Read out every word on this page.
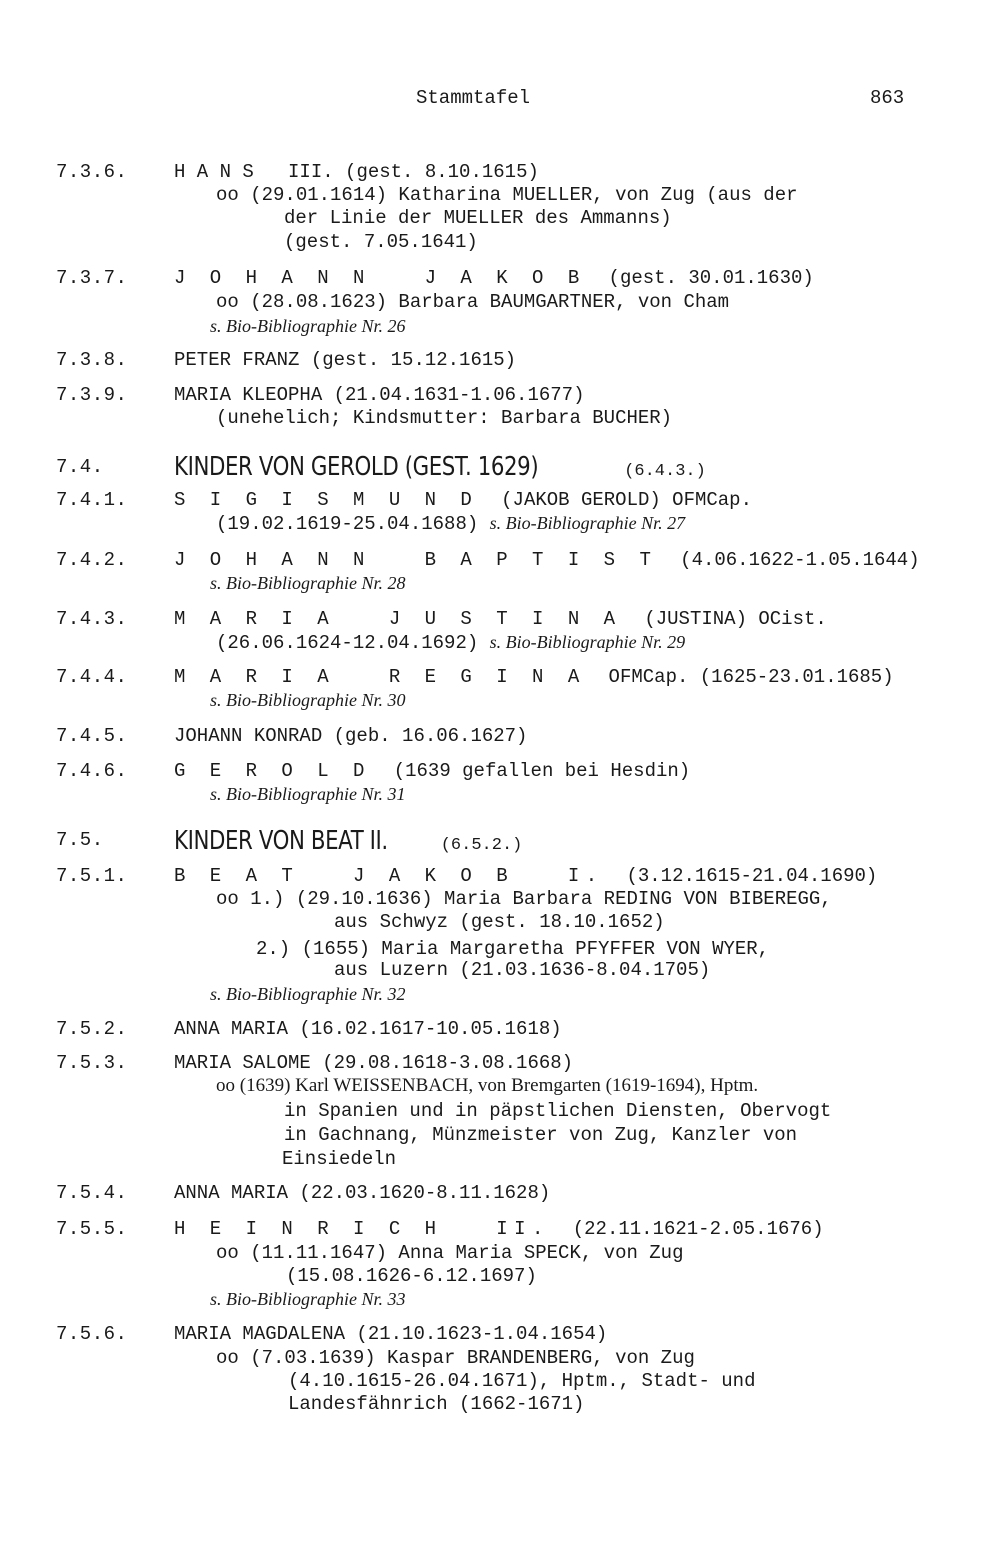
Stammtafel	863
7.3.6. H A N S   III. (gest. 8.10.1615)
oo (29.01.1614) Katharina MUELLER, von Zug (aus der
der Linie der MUELLER des Ammanns)
(gest. 7.05.1641)
7.3.7. J O H A N N   J A K O B  (gest. 30.01.1630)
oo (28.08.1623) Barbara BAUMGARTNER, von Cham
s. Bio-Bibliographie Nr. 26
7.3.8. PETER FRANZ (gest. 15.12.1615)
7.3.9. MARIA KLEOPHA (21.04.1631-1.06.1677)
(unehelich; Kindsmutter: Barbara BUCHER)
7.4.	KINDER VON GEROLD (GEST. 1629)	(6.4.3.)
7.4.1. S I G I S M U N D  (JAKOB GEROLD) OFMCap.
(19.02.1619-25.04.1688) s. Bio-Bibliographie Nr. 27
7.4.2. J O H A N N   B A P T I S T  (4.06.1622-1.05.1644)
s. Bio-Bibliographie Nr. 28
7.4.3. M A R I A   J U S T I N A  (JUSTINA) OCist.
(26.06.1624-12.04.1692) s. Bio-Bibliographie Nr. 29
7.4.4. M A R I A   R E G I N A  OFMCap. (1625-23.01.1685)
s. Bio-Bibliographie Nr. 30
7.4.5. JOHANN KONRAD (geb. 16.06.1627)
7.4.6. G E R O L D  (1639 gefallen bei Hesdin)
s. Bio-Bibliographie Nr. 31
7.5.	KINDER VON BEAT II.	(6.5.2.)
7.5.1. B E A T   J A K O B   I.  (3.12.1615-21.04.1690)
oo 1.) (29.10.1636) Maria Barbara REDING VON BIBEREGG,
aus Schwyz (gest. 18.10.1652)
2.) (1655) Maria Margaretha PFYFFER VON WYER,
aus Luzern (21.03.1636-8.04.1705)
s. Bio-Bibliographie Nr. 32
7.5.2. ANNA MARIA (16.02.1617-10.05.1618)
7.5.3. MARIA SALOME (29.08.1618-3.08.1668)
oo (1639) Karl WEISSENBACH, von Bremgarten (1619-1694), Hptm.
in Spanien und in päpstlichen Diensten, Obervogt
in Gachnang, Münzmeister von Zug, Kanzler von
Einsiedeln
7.5.4. ANNA MARIA (22.03.1620-8.11.1628)
7.5.5. H E I N R I C H   II.  (22.11.1621-2.05.1676)
oo (11.11.1647) Anna Maria SPECK, von Zug
(15.08.1626-6.12.1697)
s. Bio-Bibliographie Nr. 33
7.5.6. MARIA MAGDALENA (21.10.1623-1.04.1654)
oo (7.03.1639) Kaspar BRANDENBERG, von Zug
(4.10.1615-26.04.1671), Hptm., Stadt- und
Landesfähnrich (1662-1671)
